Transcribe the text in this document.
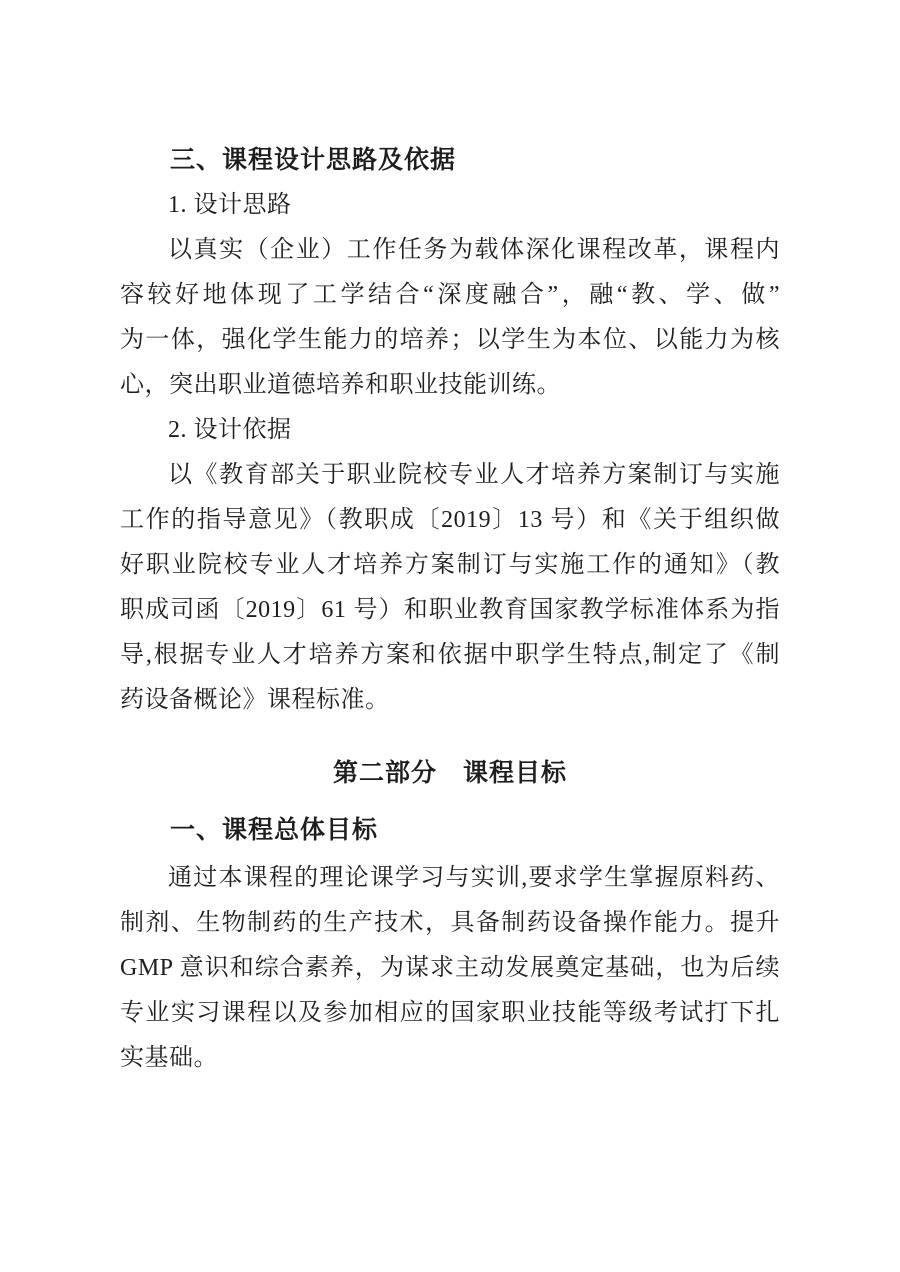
三、课程设计思路及依据
1. 设计思路
以真实（企业）工作任务为载体深化课程改革，课程内
容较好地体现了工学结合“深度融合”，融“教、学、做”
为一体，强化学生能力的培养；以学生为本位、以能力为核
心，突出职业道德培养和职业技能训练。
2. 设计依据
以《教育部关于职业院校专业人才培养方案制订与实施
工作的指导意见》（教职成〔2019〕13 号）和《关于组织做
好职业院校专业人才培养方案制订与实施工作的通知》（教
职成司函〔2019〕61 号）和职业教育国家教学标准体系为指
导,根据专业人才培养方案和依据中职学生特点,制定了《制
药设备概论》课程标准。
第二部分　课程目标
一、课程总体目标
通过本课程的理论课学习与实训,要求学生掌握原料药、
制剂、生物制药的生产技术，具备制药设备操作能力。提升
GMP 意识和综合素养，为谋求主动发展奠定基础，也为后续
专业实习课程以及参加相应的国家职业技能等级考试打下扎
实基础。
